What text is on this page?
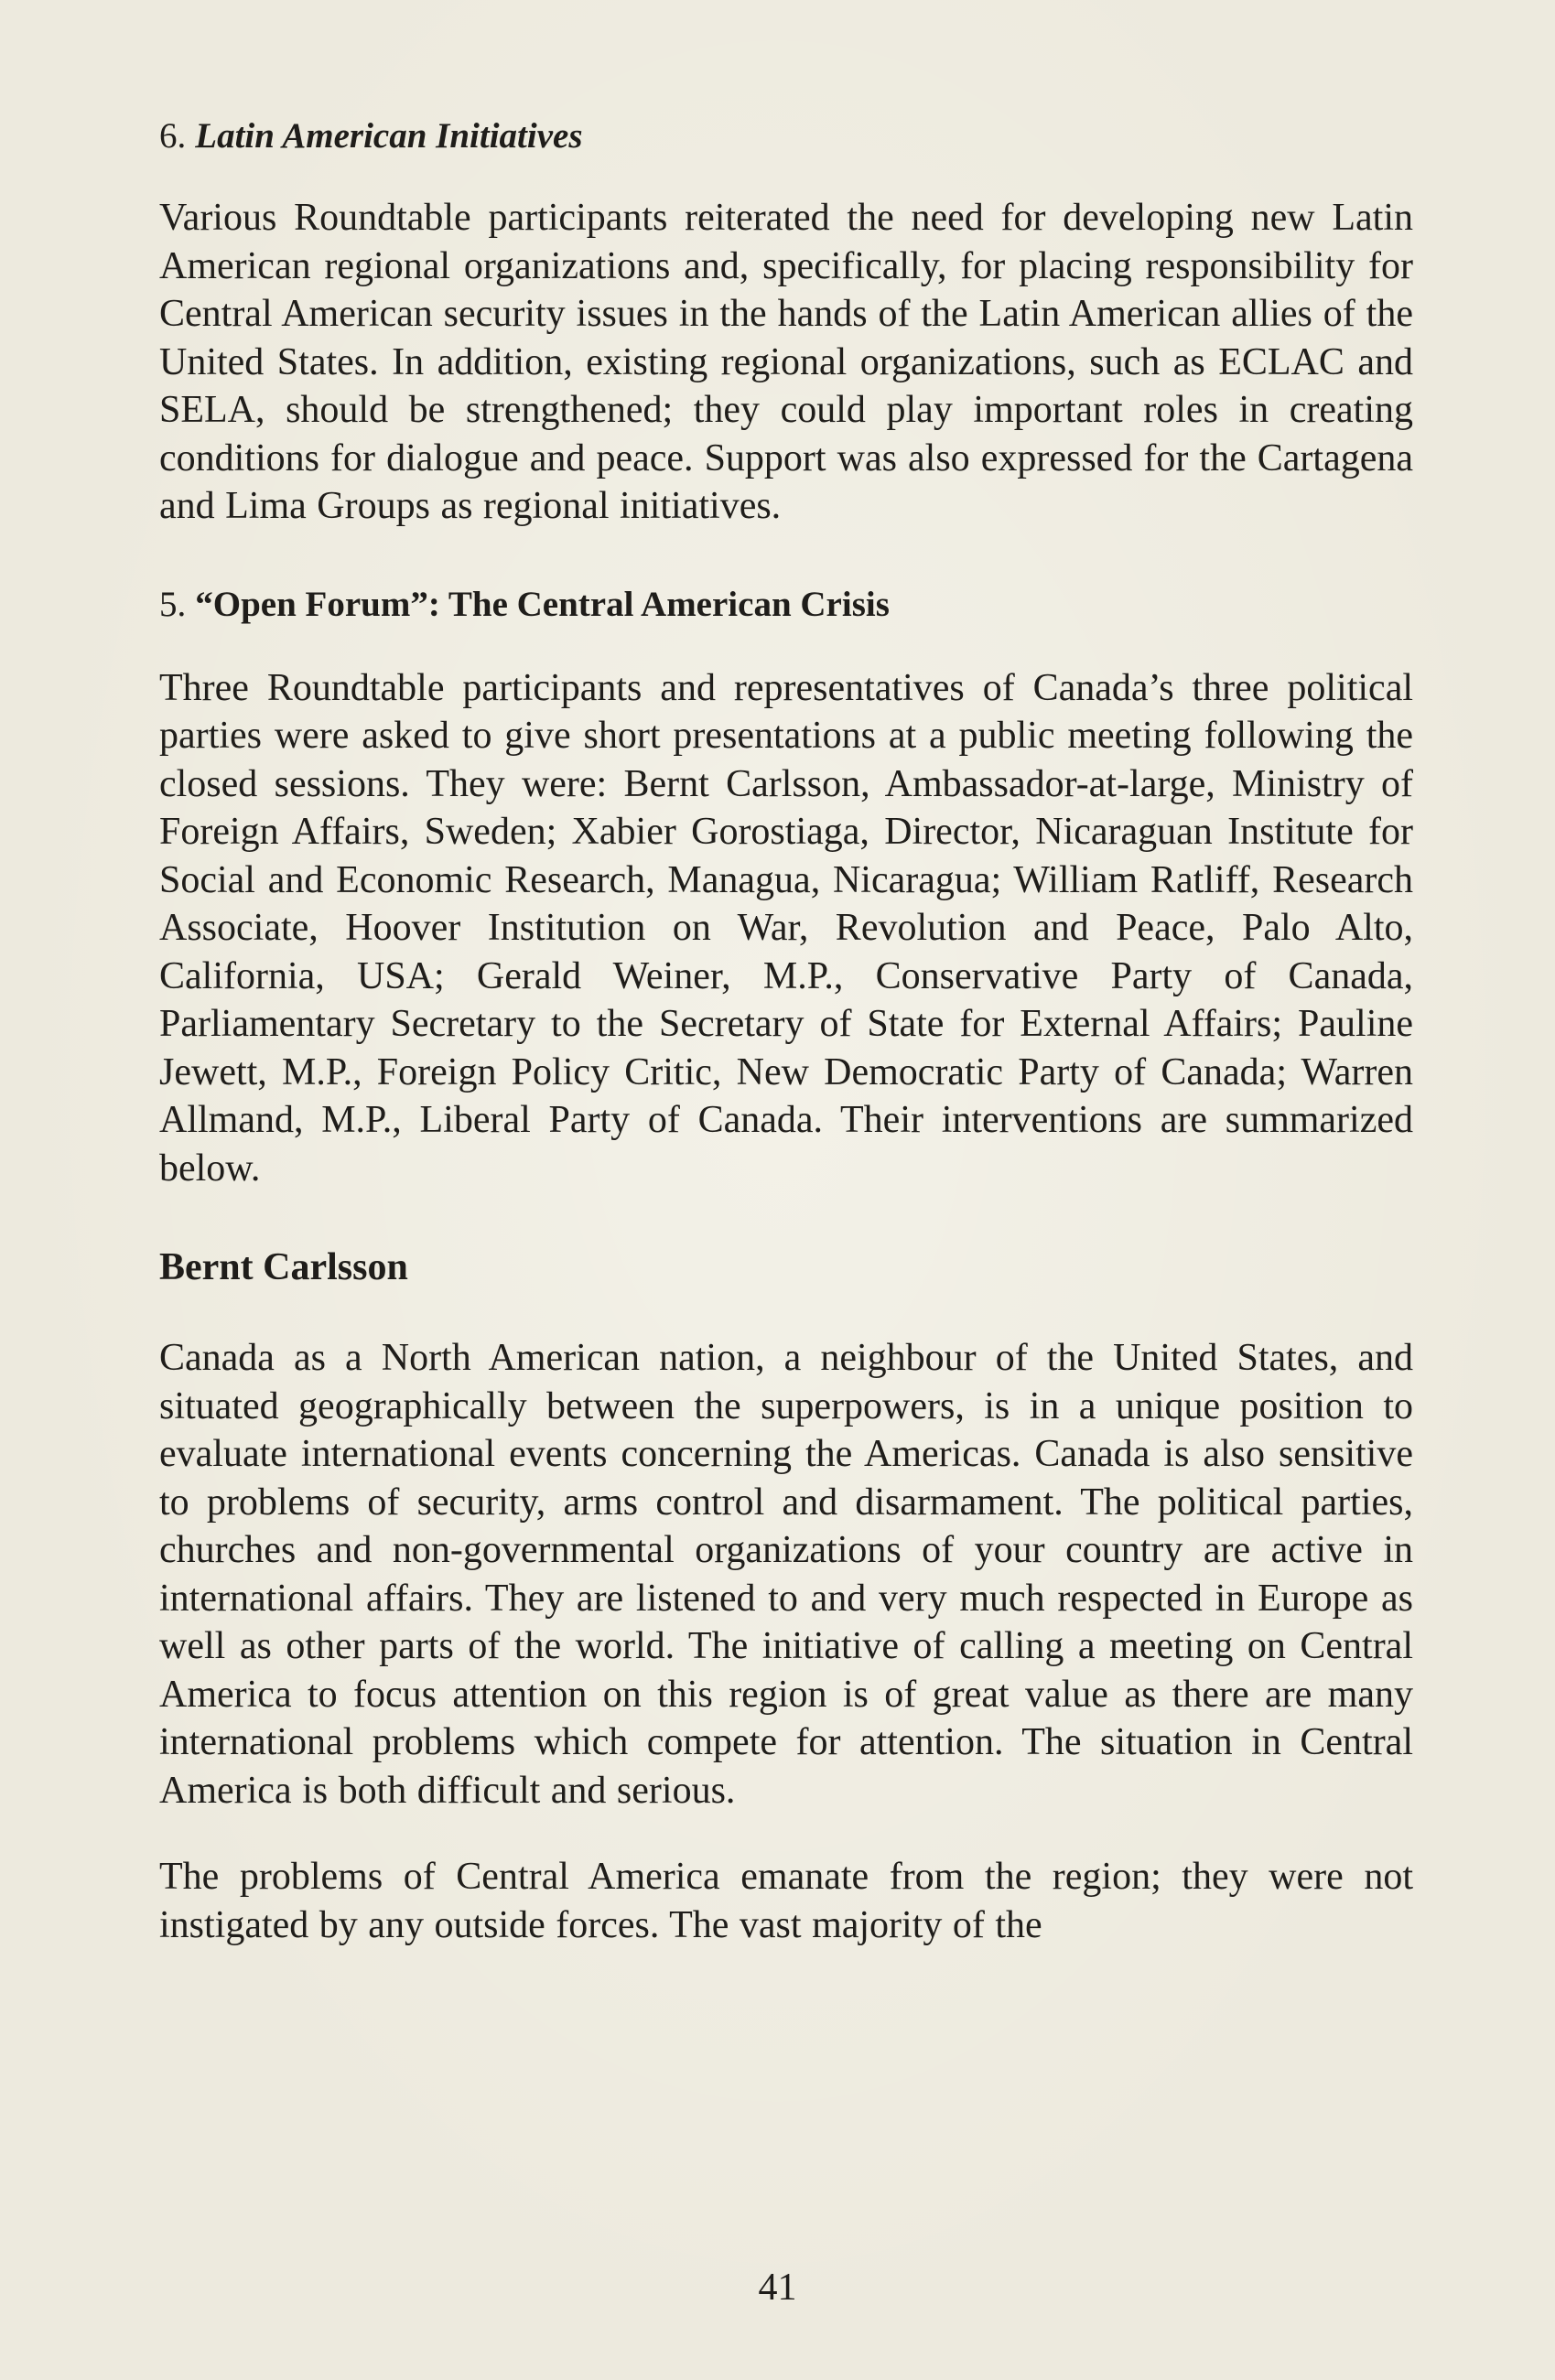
6. Latin American Initiatives

Various Roundtable participants reiterated the need for developing new Latin American regional organizations and, specifically, for placing responsibility for Central American security issues in the hands of the Latin American allies of the United States. In addition, existing regional organizations, such as ECLAC and SELA, should be strengthened; they could play important roles in creating conditions for dialogue and peace. Support was also expressed for the Cartagena and Lima Groups as regional initiatives.

5. “Open Forum”: The Central American Crisis

Three Roundtable participants and representatives of Canada’s three political parties were asked to give short presentations at a public meeting following the closed sessions. They were: Bernt Carlsson, Ambassador-at-large, Ministry of Foreign Affairs, Sweden; Xabier Gorostiaga, Director, Nicaraguan Institute for Social and Economic Research, Managua, Nicaragua; William Ratliff, Research Associate, Hoover Institution on War, Revolution and Peace, Palo Alto, California, USA; Gerald Weiner, M.P., Conservative Party of Canada, Parliamentary Secretary to the Secretary of State for External Affairs; Pauline Jewett, M.P., Foreign Policy Critic, New Democratic Party of Canada; Warren Allmand, M.P., Liberal Party of Canada. Their interventions are summarized below.

Bernt Carlsson

Canada as a North American nation, a neighbour of the United States, and situated geographically between the superpowers, is in a unique position to evaluate international events concerning the Americas. Canada is also sensitive to problems of security, arms control and disarmament. The political parties, churches and non-governmental organizations of your country are active in international affairs. They are listened to and very much respected in Europe as well as other parts of the world. The initiative of calling a meeting on Central America to focus attention on this region is of great value as there are many international problems which compete for attention. The situation in Central America is both difficult and serious.

The problems of Central America emanate from the region; they were not instigated by any outside forces. The vast majority of the

41
